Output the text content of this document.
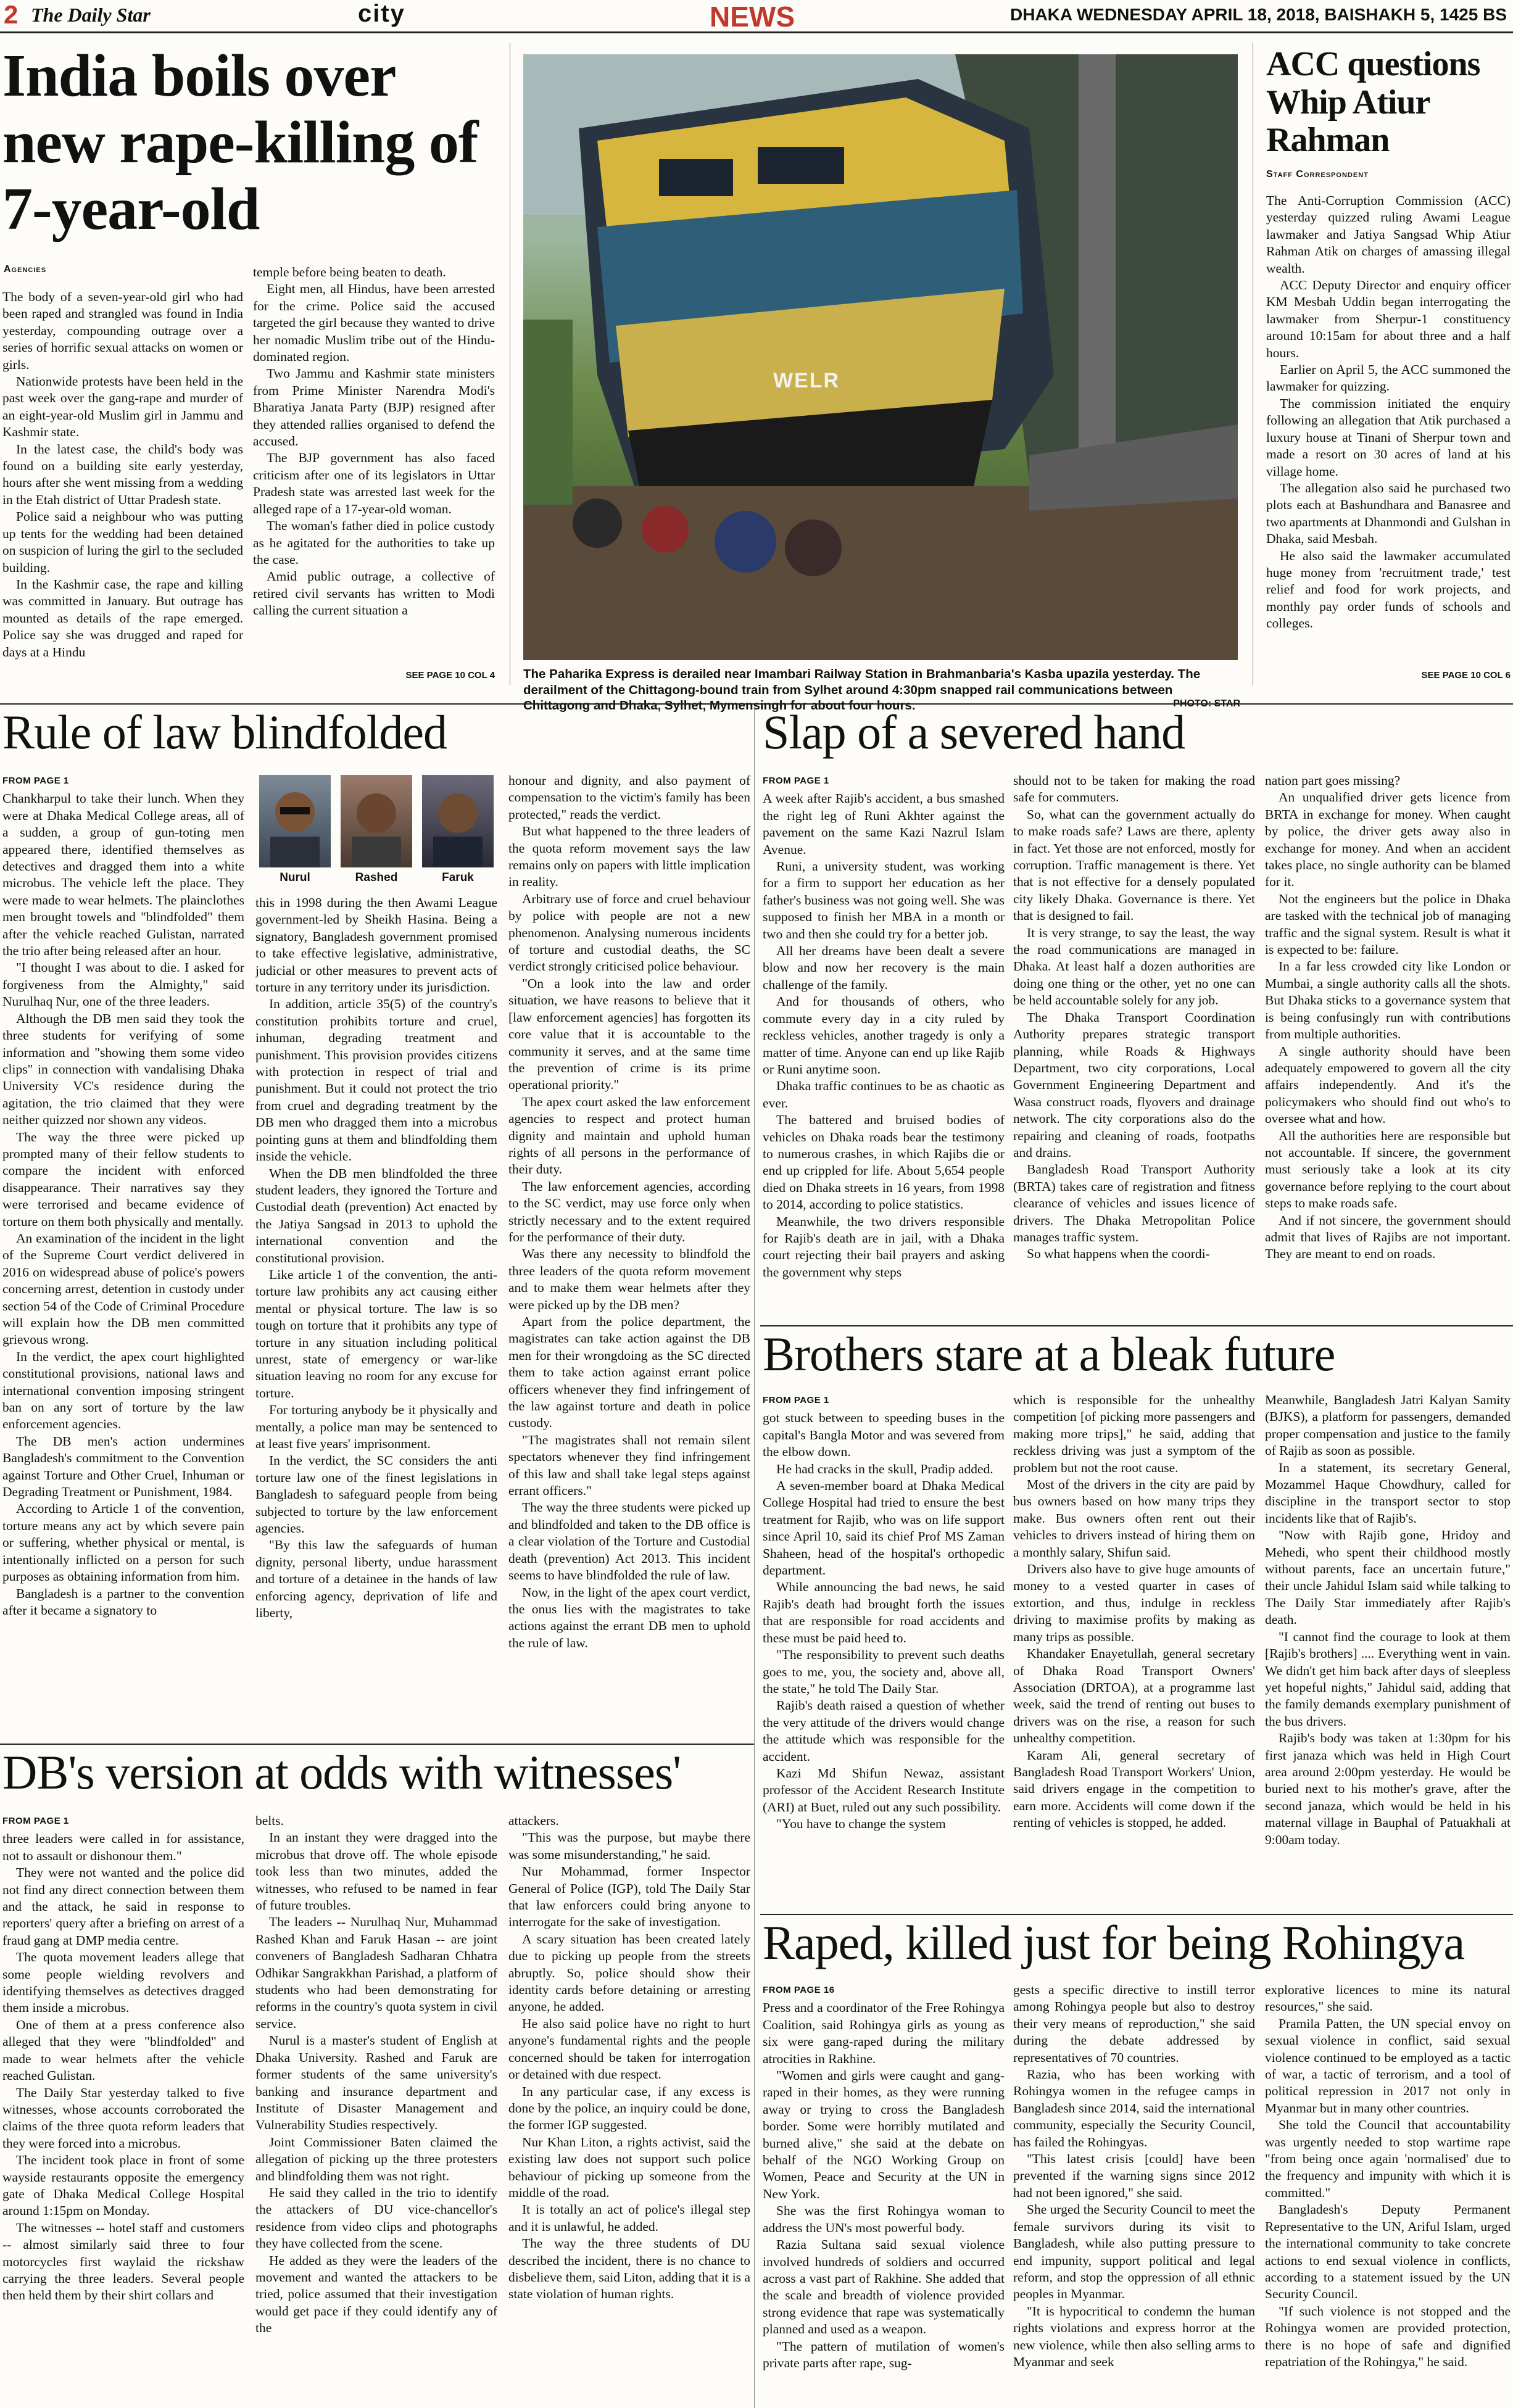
2 The Daily Star	city	NEWS	DHAKA WEDNESDAY APRIL 18, 2018, BAISHAKH 5, 1425 BS
India boils over new rape-killing of 7-year-old
Agencies

The body of a seven-year-old girl who had been raped and strangled was found in India yesterday, compounding outrage over a series of horrific sexual attacks on women or girls.

Nationwide protests have been held in the past week over the gang-rape and murder of an eight-year-old Muslim girl in Jammu and Kashmir state.

In the latest case, the child's body was found on a building site early yesterday, hours after she went missing from a wedding in the Etah district of Uttar Pradesh state.

Police said a neighbour who was putting up tents for the wedding had been detained on suspicion of luring the girl to the secluded building.

In the Kashmir case, the rape and killing was committed in January. But outrage has mounted as details of the rape emerged. Police say she was drugged and raped for days at a Hindu

temple before being beaten to death.

Eight men, all Hindus, have been arrested for the crime. Police said the accused targeted the girl because they wanted to drive her nomadic Muslim tribe out of the Hindu-dominated region.

Two Jammu and Kashmir state ministers from Prime Minister Narendra Modi's Bharatiya Janata Party (BJP) resigned after they attended rallies organised to defend the accused.

The BJP government has also faced criticism after one of its legislators in Uttar Pradesh state was arrested last week for the alleged rape of a 17-year-old woman.

The woman's father died in police custody as he agitated for the authorities to take up the case.

Amid public outrage, a collective of retired civil servants has written to Modi calling the current situation a

SEE PAGE 10 COL 4
WELR
The Paharika Express is derailed near Imambari Railway Station in Brahmanbaria's Kasba upazila yesterday. The derailment of the Chittagong-bound train from Sylhet around 4:30pm snapped rail communications between Chittagong and Dhaka, Sylhet, Mymensingh for about four hours.	PHOTO: STAR
ACC questions Whip Atiur Rahman
Staff Correspondent

The Anti-Corruption Commission (ACC) yesterday quizzed ruling Awami League lawmaker and Jatiya Sangsad Whip Atiur Rahman Atik on charges of amassing illegal wealth.

ACC Deputy Director and enquiry officer KM Mesbah Uddin began interrogating the lawmaker from Sherpur-1 constituency around 10:15am for about three and a half hours.

Earlier on April 5, the ACC summoned the lawmaker for quizzing.

The commission initiated the enquiry following an allegation that Atik purchased a luxury house at Tinani of Sherpur town and made a resort on 30 acres of land at his village home.

The allegation also said he purchased two plots each at Bashundhara and Banasree and two apartments at Dhanmondi and Gulshan in Dhaka, said Mesbah.

He also said the lawmaker accumulated huge money from 'recruitment trade,' test relief and food for work projects, and monthly pay order funds of schools and colleges.

SEE PAGE 10 COL 6
Rule of law blindfolded
FROM PAGE 1

Chankharpul to take their lunch. When they were at Dhaka Medical College areas, all of a sudden, a group of gun-toting men appeared there, identified themselves as detectives and dragged them into a white microbus. The vehicle left the place. They were made to wear helmets. The plainclothes men brought towels and "blindfolded" them after the vehicle reached Gulistan, narrated the trio after being released after an hour.

"I thought I was about to die. I asked for forgiveness from the Almighty," said Nurulhaq Nur, one of the three leaders.

Although the DB men said they took the three students for verifying of some information and "showing them some video clips" in connection with vandalising Dhaka University VC's residence during the agitation, the trio claimed that they were neither quizzed nor shown any videos.

The way the three were picked up prompted many of their fellow students to compare the incident with enforced disappearance. Their narratives say they were terrorised and became evidence of torture on them both physically and mentally.

An examination of the incident in the light of the Supreme Court verdict delivered in 2016 on widespread abuse of police's powers concerning arrest, detention in custody under section 54 of the Code of Criminal Procedure will explain how the DB men committed grievous wrong.

In the verdict, the apex court highlighted constitutional provisions, national laws and international convention imposing stringent ban on any sort of torture by the law enforcement agencies.

The DB men's action undermines Bangladesh's commitment to the Convention against Torture and Other Cruel, Inhuman or Degrading Treatment or Punishment, 1984.

According to Article 1 of the convention, torture means any act by which severe pain or suffering, whether physical or mental, is intentionally inflicted on a person for such purposes as obtaining information from him.

Bangladesh is a partner to the convention after it became a signatory to

Nurul	Rashed	Faruk

this in 1998 during the then Awami League government-led by Sheikh Hasina. Being a signatory, Bangladesh government promised to take effective legislative, administrative, judicial or other measures to prevent acts of torture in any territory under its jurisdiction.

In addition, article 35(5) of the country's constitution prohibits torture and cruel, inhuman, degrading treatment and punishment. This provision provides citizens with protection in respect of trial and punishment. But it could not protect the trio from cruel and degrading treatment by the DB men who dragged them into a microbus pointing guns at them and blindfolding them inside the vehicle.

When the DB men blindfolded the three student leaders, they ignored the Torture and Custodial death (prevention) Act enacted by the Jatiya Sangsad in 2013 to uphold the international convention and the constitutional provision.

Like article 1 of the convention, the anti-torture law prohibits any act causing either mental or physical torture. The law is so tough on torture that it prohibits any type of torture in any situation including political unrest, state of emergency or war-like situation leaving no room for any excuse for torture.

For torturing anybody be it physically and mentally, a police man may be sentenced to at least five years' imprisonment.

In the verdict, the SC considers the anti torture law one of the finest legislations in Bangladesh to safeguard people from being subjected to torture by the law enforcement agencies.

"By this law the safeguards of human dignity, personal liberty, undue harassment and torture of a detainee in the hands of law enforcing agency, deprivation of life and liberty,

honour and dignity, and also payment of compensation to the victim's family has been protected," reads the verdict.

But what happened to the three leaders of the quota reform movement says the law remains only on papers with little implication in reality.

Arbitrary use of force and cruel behaviour by police with people are not a new phenomenon. Analysing numerous incidents of torture and custodial deaths, the SC verdict strongly criticised police behaviour.

"On a look into the law and order situation, we have reasons to believe that it [law enforcement agencies] has forgotten its core value that it is accountable to the community it serves, and at the same time the prevention of crime is its prime operational priority."

The apex court asked the law enforcement agencies to respect and protect human dignity and maintain and uphold human rights of all persons in the performance of their duty.

The law enforcement agencies, according to the SC verdict, may use force only when strictly necessary and to the extent required for the performance of their duty.

Was there any necessity to blindfold the three leaders of the quota reform movement and to make them wear helmets after they were picked up by the DB men?

Apart from the police department, the magistrates can take action against the DB men for their wrongdoing as the SC directed them to take action against errant police officers whenever they find infringement of the law against torture and death in police custody.

"The magistrates shall not remain silent spectators whenever they find infringement of this law and shall take legal steps against errant officers."

The way the three students were picked up and blindfolded and taken to the DB office is a clear violation of the Torture and Custodial death (prevention) Act 2013. This incident seems to have blindfolded the rule of law.

Now, in the light of the apex court verdict, the onus lies with the magistrates to take actions against the errant DB men to uphold the rule of law.

Slap of a severed hand
FROM PAGE 1

A week after Rajib's accident, a bus smashed the right leg of Runi Akhter against the pavement on the same Kazi Nazrul Islam Avenue.

Runi, a university student, was working for a firm to support her education as her father's business was not going well. She was supposed to finish her MBA in a month or two and then she could try for a better job.

All her dreams have been dealt a severe blow and now her recovery is the main challenge of the family.

And for thousands of others, who commute every day in a city ruled by reckless vehicles, another tragedy is only a matter of time. Anyone can end up like Rajib or Runi anytime soon.

Dhaka traffic continues to be as chaotic as ever.

The battered and bruised bodies of vehicles on Dhaka roads bear the testimony to numerous crashes, in which Rajibs die or end up crippled for life. About 5,654 people died on Dhaka streets in 16 years, from 1998 to 2014, according to police statistics.

Meanwhile, the two drivers responsible for Rajib's death are in jail, with a Dhaka court rejecting their bail prayers and asking the government why steps

should not to be taken for making the road safe for commuters.

So, what can the government actually do to make roads safe? Laws are there, aplenty in fact. Yet those are not enforced, mostly for corruption. Traffic management is there. Yet that is not effective for a densely populated city likely Dhaka. Governance is there. Yet that is designed to fail.

It is very strange, to say the least, the way the road communications are managed in Dhaka. At least half a dozen authorities are doing one thing or the other, yet no one can be held accountable solely for any job.

The Dhaka Transport Coordination Authority prepares strategic transport planning, while Roads & Highways Department, two city corporations, Local Government Engineering Department and Wasa construct roads, flyovers and drainage network. The city corporations also do the repairing and cleaning of roads, footpaths and drains.

Bangladesh Road Transport Authority (BRTA) takes care of registration and fitness clearance of vehicles and issues licence of drivers. The Dhaka Metropolitan Police manages traffic system.

So what happens when the coordi-

nation part goes missing?

An unqualified driver gets licence from BRTA in exchange for money. When caught by police, the driver gets away also in exchange for money. And when an accident takes place, no single authority can be blamed for it.

Not the engineers but the police in Dhaka are tasked with the technical job of managing traffic and the signal system. Result is what it is expected to be: failure.

In a far less crowded city like London or Mumbai, a single authority calls all the shots. But Dhaka sticks to a governance system that is being confusingly run with contributions from multiple authorities.

A single authority should have been adequately empowered to govern all the city affairs independently. And it's the policymakers who should find out who's to oversee what and how.

All the authorities here are responsible but not accountable. If sincere, the government must seriously take a look at its city governance before replying to the court about steps to make roads safe.

And if not sincere, the government should admit that lives of Rajibs are not important. They are meant to end on roads.

Brothers stare at a bleak future
FROM PAGE 1

got stuck between to speeding buses in the capital's Bangla Motor and was severed from the elbow down.

He had cracks in the skull, Pradip added.

A seven-member board at Dhaka Medical College Hospital had tried to ensure the best treatment for Rajib, who was on life support since April 10, said its chief Prof MS Zaman Shaheen, head of the hospital's orthopedic department.

While announcing the bad news, he said Rajib's death had brought forth the issues that are responsible for road accidents and these must be paid heed to.

"The responsibility to prevent such deaths goes to me, you, the society and, above all, the state," he told The Daily Star.

Rajib's death raised a question of whether the very attitude of the drivers would change the attitude which was responsible for the accident.

Kazi Md Shifun Newaz, assistant professor of the Accident Research Institute (ARI) at Buet, ruled out any such possibility.

"You have to change the system

which is responsible for the unhealthy competition [of picking more passengers and making more trips]," he said, adding that reckless driving was just a symptom of the problem but not the root cause.

Most of the drivers in the city are paid by bus owners based on how many trips they make. Bus owners often rent out their vehicles to drivers instead of hiring them on a monthly salary, Shifun said.

Drivers also have to give huge amounts of money to a vested quarter in cases of extortion, and thus, indulge in reckless driving to maximise profits by making as many trips as possible.

Khandaker Enayetullah, general secretary of Dhaka Road Transport Owners' Association (DRTOA), at a programme last week, said the trend of renting out buses to drivers was on the rise, a reason for such unhealthy competition.

Karam Ali, general secretary of Bangladesh Road Transport Workers' Union, said drivers engage in the competition to earn more. Accidents will come down if the renting of vehicles is stopped, he added.

Meanwhile, Bangladesh Jatri Kalyan Samity (BJKS), a platform for passengers, demanded proper compensation and justice to the family of Rajib as soon as possible.

In a statement, its secretary General, Mozammel Haque Chowdhury, called for discipline in the transport sector to stop incidents like that of Rajib's.

"Now with Rajib gone, Hridoy and Mehedi, who spent their childhood mostly without parents, face an uncertain future," their uncle Jahidul Islam said while talking to The Daily Star immediately after Rajib's death.

"I cannot find the courage to look at them [Rajib's brothers] .... Everything went in vain. We didn't get him back after days of sleepless yet hopeful nights," Jahidul said, adding that the family demands exemplary punishment of the bus drivers.

Rajib's body was taken at 1:30pm for his first janaza which was held in High Court area around 2:00pm yesterday. He would be buried next to his mother's grave, after the second janaza, which would be held in his maternal village in Bauphal of Patuakhali at 9:00am today.

DB's version at odds with witnesses'
FROM PAGE 1

three leaders were called in for assistance, not to assault or dishonour them."

They were not wanted and the police did not find any direct connection between them and the attack, he said in response to reporters' query after a briefing on arrest of a fraud gang at DMP media centre.

The quota movement leaders allege that some people wielding revolvers and identifying themselves as detectives dragged them inside a microbus.

One of them at a press conference also alleged that they were "blindfolded" and made to wear helmets after the vehicle reached Gulistan.

The Daily Star yesterday talked to five witnesses, whose accounts corroborated the claims of the three quota reform leaders that they were forced into a microbus.

The incident took place in front of some wayside restaurants opposite the emergency gate of Dhaka Medical College Hospital around 1:15pm on Monday.

The witnesses -- hotel staff and customers -- almost similarly said three to four motorcycles first waylaid the rickshaw carrying the three leaders. Several people then held them by their shirt collars and

belts.

In an instant they were dragged into the microbus that drove off. The whole episode took less than two minutes, added the witnesses, who refused to be named in fear of future troubles.

The leaders -- Nurulhaq Nur, Muhammad Rashed Khan and Faruk Hasan -- are joint conveners of Bangladesh Sadharan Chhatra Odhikar Sangrakkhan Parishad, a platform of students who had been demonstrating for reforms in the country's quota system in civil service.

Nurul is a master's student of English at Dhaka University. Rashed and Faruk are former students of the same university's banking and insurance department and Institute of Disaster Management and Vulnerability Studies respectively.

Joint Commissioner Baten claimed the allegation of picking up the three protesters and blindfolding them was not right.

He said they called in the trio to identify the attackers of DU vice-chancellor's residence from video clips and photographs they have collected from the scene.

He added as they were the leaders of the movement and wanted the attackers to be tried, police assumed that their investigation would get pace if they could identify any of the

attackers.

"This was the purpose, but maybe there was some misunderstanding," he said.

Nur Mohammad, former Inspector General of Police (IGP), told The Daily Star that law enforcers could bring anyone to interrogate for the sake of investigation.

A scary situation has been created lately due to picking up people from the streets abruptly. So, police should show their identity cards before detaining or arresting anyone, he added.

He also said police have no right to hurt anyone's fundamental rights and the people concerned should be taken for interrogation or detained with due respect.

In any particular case, if any excess is done by the police, an inquiry could be done, the former IGP suggested.

Nur Khan Liton, a rights activist, said the existing law does not support such police behaviour of picking up someone from the middle of the road.

It is totally an act of police's illegal step and it is unlawful, he added.

The way the three students of DU described the incident, there is no chance to disbelieve them, said Liton, adding that it is a state violation of human rights.

Raped, killed just for being Rohingya
FROM PAGE 16

Press and a coordinator of the Free Rohingya Coalition, said Rohingya girls as young as six were gang-raped during the military atrocities in Rakhine.

"Women and girls were caught and gang-raped in their homes, as they were running away or trying to cross the Bangladesh border. Some were horribly mutilated and burned alive," she said at the debate on behalf of the NGO Working Group on Women, Peace and Security at the UN in New York.

She was the first Rohingya woman to address the UN's most powerful body.

Razia Sultana said sexual violence involved hundreds of soldiers and occurred across a vast part of Rakhine. She added that the scale and breadth of violence provided strong evidence that rape was systematically planned and used as a weapon.

"The pattern of mutilation of women's private parts after rape, sug-

gests a specific directive to instill terror among Rohingya people but also to destroy their very means of reproduction," she said during the debate addressed by representatives of 70 countries.

Razia, who has been working with Rohingya women in the refugee camps in Bangladesh since 2014, said the international community, especially the Security Council, has failed the Rohingyas.

"This latest crisis [could] have been prevented if the warning signs since 2012 had not been ignored," she said.

She urged the Security Council to meet the female survivors during its visit to Bangladesh, while also putting pressure to end impunity, support political and legal reform, and stop the oppression of all ethnic peoples in Myanmar.

"It is hypocritical to condemn the human rights violations and express horror at the new violence, while then also selling arms to Myanmar and seek

explorative licences to mine its natural resources," she said.

Pramila Patten, the UN special envoy on sexual violence in conflict, said sexual violence continued to be employed as a tactic of war, a tactic of terrorism, and a tool of political repression in 2017 not only in Myanmar but in many other countries.

She told the Council that accountability was urgently needed to stop wartime rape "from being once again 'normalised' due to the frequency and impunity with which it is committed."

Bangladesh's Deputy Permanent Representative to the UN, Ariful Islam, urged the international community to take concrete actions to end sexual violence in conflicts, according to a statement issued by the UN Security Council.

"If such violence is not stopped and the Rohingya women are provided protection, there is no hope of safe and dignified repatriation of the Rohingya," he said.
